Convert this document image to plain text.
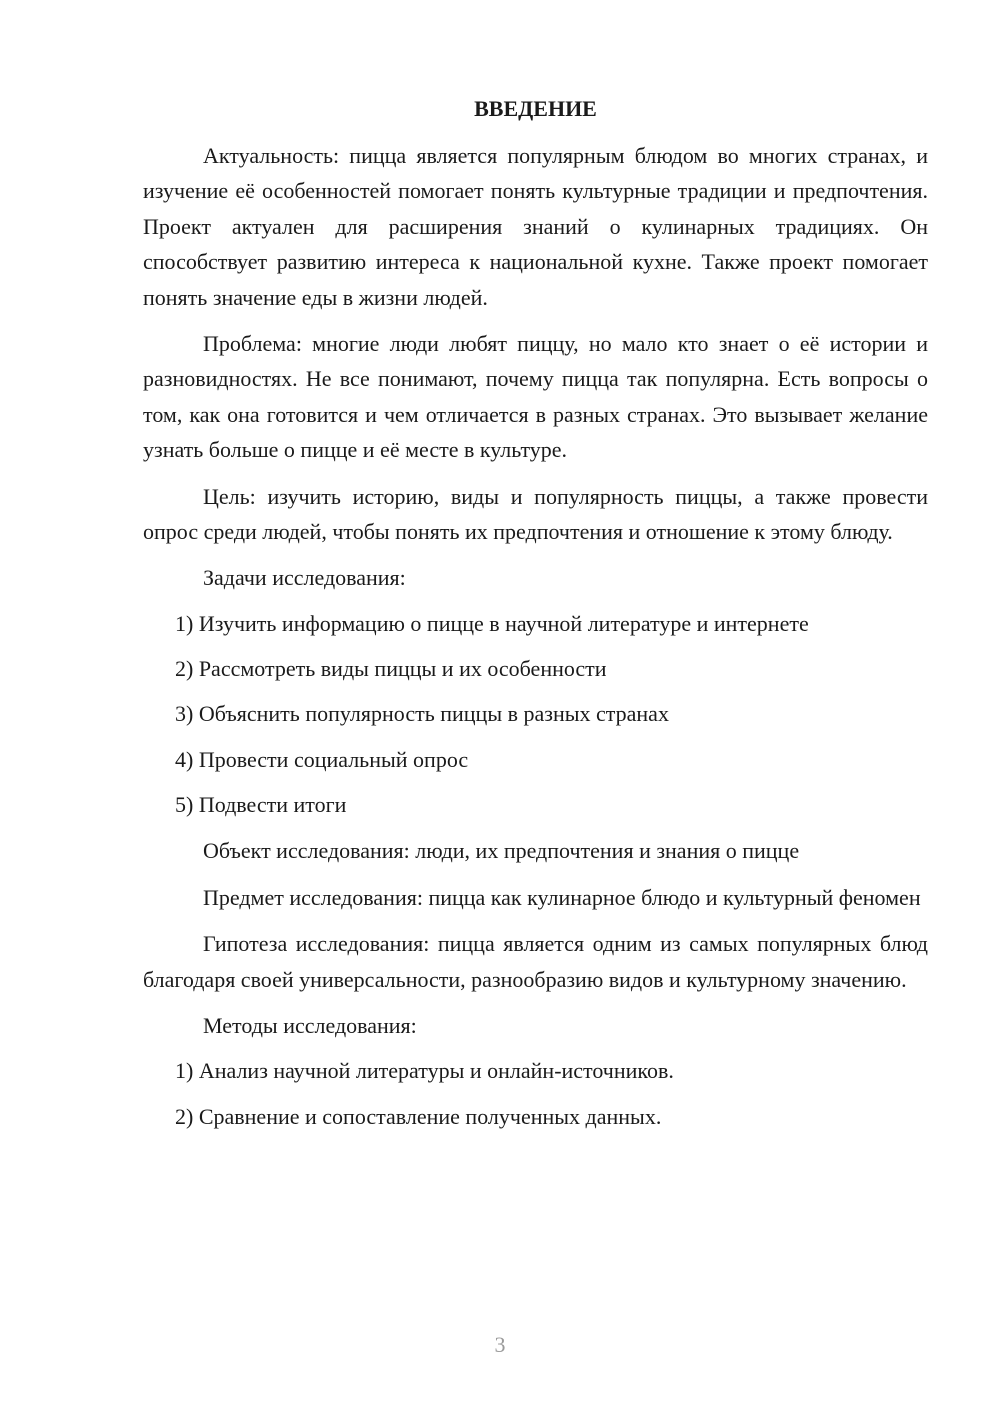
ВВЕДЕНИЕ

Актуальность: пицца является популярным блюдом во многих странах, и изучение её особенностей помогает понять культурные традиции и предпочтения. Проект актуален для расширения знаний о кулинарных традициях. Он способствует развитию интереса к национальной кухне. Также проект помогает понять значение еды в жизни людей.

Проблема: многие люди любят пиццу, но мало кто знает о её истории и разновидностях. Не все понимают, почему пицца так популярна. Есть вопросы о том, как она готовится и чем отличается в разных странах. Это вызывает желание узнать больше о пицце и её месте в культуре.

Цель: изучить историю, виды и популярность пиццы, а также провести опрос среди людей, чтобы понять их предпочтения и отношение к этому блюду.

Задачи исследования:

1) Изучить информацию о пицце в научной литературе и интернете
2) Рассмотреть виды пиццы и их особенности
3) Объяснить популярность пиццы в разных странах
4) Провести социальный опрос
5) Подвести итоги

Объект исследования: люди, их предпочтения и знания о пицце

Предмет исследования: пицца как кулинарное блюдо и культурный феномен

Гипотеза исследования: пицца является одним из самых популярных блюд благодаря своей универсальности, разнообразию видов и культурному значению.

Методы исследования:

1) Анализ научной литературы и онлайн-источников.
2) Сравнение и сопоставление полученных данных.
3
